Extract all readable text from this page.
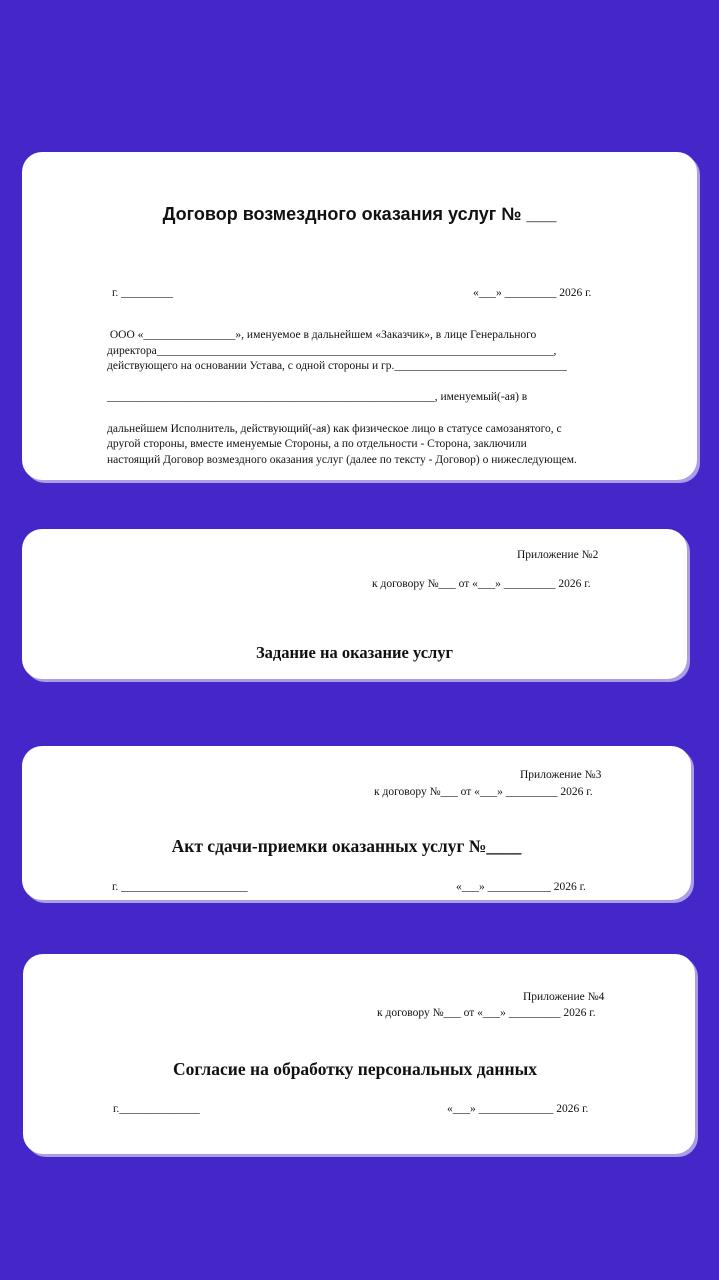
Договор возмездного оказания услуг № ___
г. _________	«___» _________ 2026 г.
ООО «________________», именуемое в дальнейшем «Заказчик», в лице Генерального
директора_____________________________________________________________________,
действующего на основании Устава, с одной стороны и гр.______________________________

_________________________________________________________, именуемый(-ая) в

дальнейшем Исполнитель, действующий(-ая) как физическое лицо в статусе самозанятого, с
другой стороны, вместе именуемые Стороны, а по отдельности - Сторона, заключили
настоящий Договор возмездного оказания услуг (далее по тексту - Договор) о нижеследующем.
Приложение №2
к договору №___ от «___» _________ 2026 г.
Задание на оказание услуг
Приложение №3
к договору №___ от «___» _________ 2026 г.
Акт сдачи-приемки оказанных услуг №____
г. ______________________	«___» ___________ 2026 г.
Приложение №4
к договору №___ от «___» _________ 2026 г.
Согласие на обработку персональных данных
г.______________	«___» _____________ 2026 г.
